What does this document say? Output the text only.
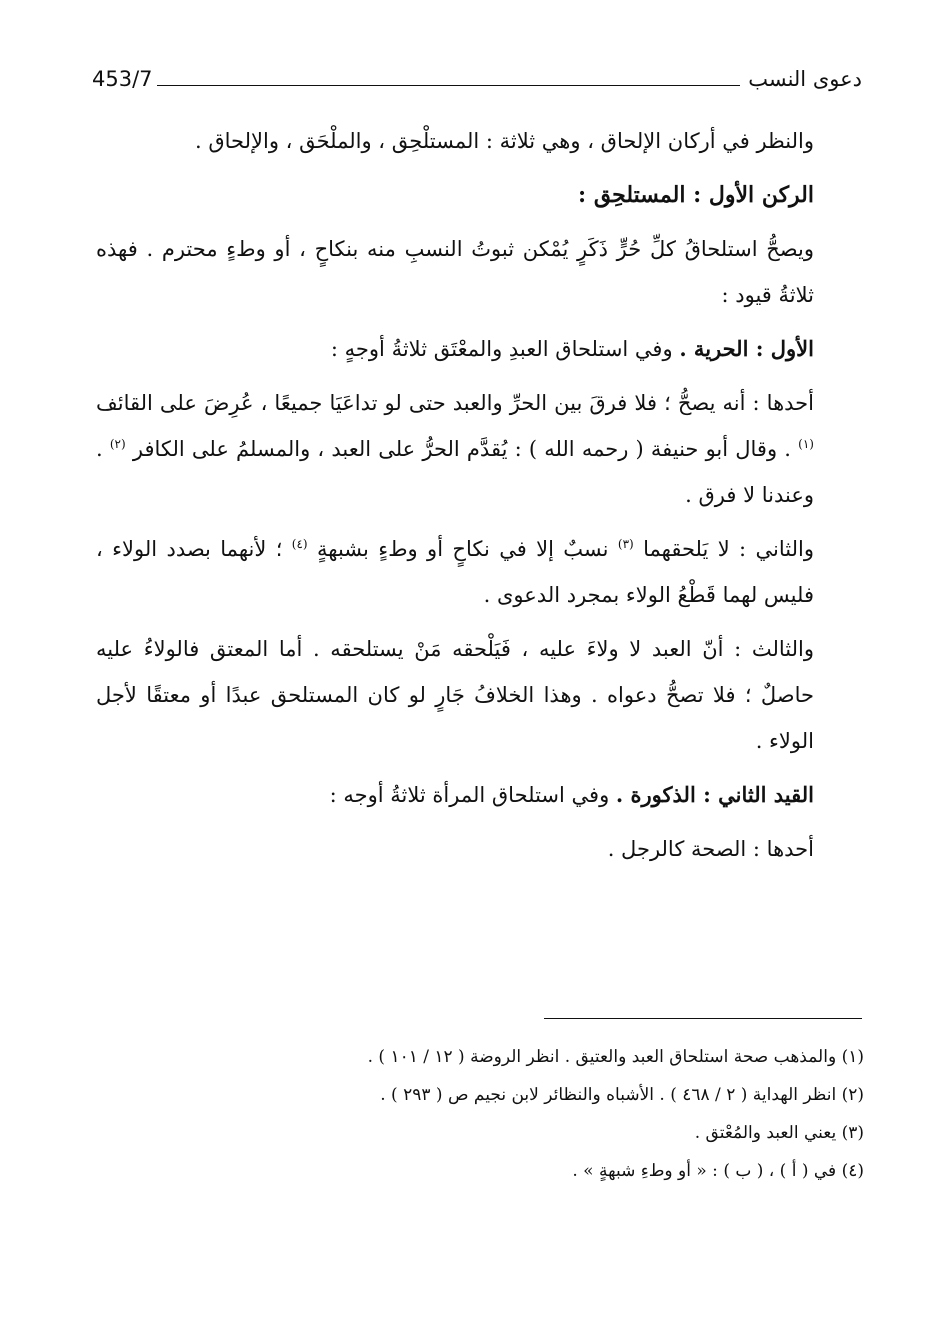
453/7	دعوى النسب

والنظر في أركان الإلحاق ، وهي ثلاثة : المستلْحِق ، والملْحَق ، والإلحاق .

الركن الأول : المستلحِق :

ويصحُّ استلحاقُ كلِّ حُرٍّ ذَكَرٍ يُمْكن ثبوتُ النسبِ منه بنكاحٍ ، أو وطءٍ محترم . فهذه ثلاثةُ قيود :

الأول : الحرية . وفي استلحاق العبدِ والمعْتَق ثلاثةُ أوجهٍ :

أحدها : أنه يصحُّ ؛ فلا فرقَ بين الحرِّ والعبد حتى لو تداعَيَا جميعًا ، عُرِضَ على القائف $^{(١)}$ . وقال أبو حنيفة ( رحمه الله ) : يُقدَّم الحرُّ على العبد ، والمسلمُ على الكافر $^{(٢)}$ . وعندنا لا فرق .

والثاني : لا يَلحقهما $^{(٣)}$ نسبٌ إلا في نكاحٍ أو وطءٍ بشبهةٍ $^{(٤)}$ ؛ لأنهما بصدد الولاء ، فليس لهما قَطْعُ الولاء بمجرد الدعوى .

والثالث : أنّ العبد لا ولاءَ عليه ، فَيَلْحقه مَنْ يستلحقه . أما المعتق فالولاءُ عليه حاصلٌ ؛ فلا تصحُّ دعواه . وهذا الخلافُ جَارٍ لو كان المستلحق عبدًا أو معتقًا لأجل الولاء .

القيد الثاني : الذكورة . وفي استلحاق المرأة ثلاثةُ أوجه :

أحدها : الصحة كالرجل .

(١) والمذهب صحة استلحاق العبد والعتيق . انظر الروضة ( ١٢ / ١٠١ ) .

(٢) انظر الهداية ( ٢ / ٤٦٨ ) . الأشباه والنظائر لابن نجيم ص ( ٢٩٣ ) .

(٣) يعني العبد والمُعْتق .

(٤) في ( أ ) ، ( ب ) : « أو وطءِ شبهةٍ » .
